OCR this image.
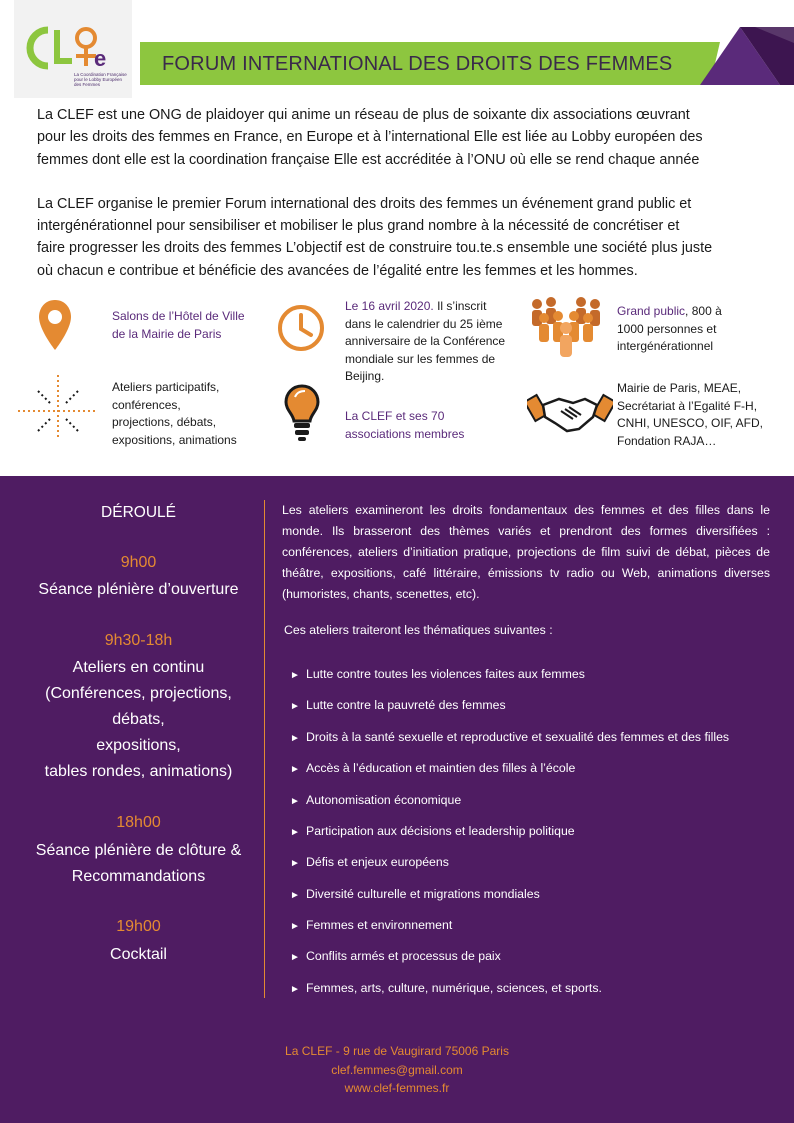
e
La Coordination Française pour le Lobby Européen des Femmes
FORUM INTERNATIONAL DES DROITS DES FEMMES

La CLEF est une ONG de plaidoyer qui anime un réseau de plus de soixante dix associations œuvrant
pour les droits des femmes en France, en Europe et à l’international Elle est liée au Lobby européen des
femmes dont elle est la coordination française Elle est accréditée à l’ONU où elle se rend chaque année

La CLEF organise le premier Forum international des droits des femmes un événement grand public et
intergénérationnel pour sensibiliser et mobiliser le plus grand nombre à la nécessité de concrétiser et
faire progresser les droits des femmes L’objectif est de construire tou.te.s ensemble une société plus juste
où chacun e contribue et bénéficie des avancées de l’égalité entre les femmes et les hommes.

Salons de l’Hôtel de Ville
de la Mairie de Paris
Le 16 avril 2020. Il s’inscrit
dans le calendrier du 25 ième
anniversaire de la Conférence
mondiale sur les femmes de
Beijing.
Grand public, 800 à
1000 personnes et
intergénérationnel
Ateliers participatifs,
conférences,
projections, débats,
expositions, animations
La CLEF et ses 70
associations membres
Mairie de Paris, MEAE,
Secrétariat à l’Egalité F-H,
CNHI, UNESCO, OIF, AFD,
Fondation RAJA…
DÉROULÉ
9h00
Séance plénière d’ouverture
9h30-18h
Ateliers en continu
(Conférences, projections,
débats,
expositions,
tables rondes, animations)
18h00
Séance plénière de clôture &
Recommandations
19h00
Cocktail
Les ateliers examineront les droits fondamentaux des femmes et des filles dans le monde. Ils brasseront des thèmes variés et prendront des formes diversifiées : conférences, ateliers d’initiation pratique, projections de film suivi de débat, pièces de théâtre, expositions, café littéraire, émissions tv radio ou Web, animations diverses (humoristes, chants, scenettes, etc).
Ces ateliers traiteront les thématiques suivantes :
► Lutte contre toutes les violences faites aux femmes
► Lutte contre la pauvreté des femmes
► Droits à la santé sexuelle et reproductive et sexualité des femmes et des filles
► Accès à l’éducation et maintien des filles à l’école
► Autonomisation économique
► Participation aux décisions et leadership politique
► Défis et enjeux européens
► Diversité culturelle et migrations mondiales
► Femmes et environnement
► Conflits armés et processus de paix
► Femmes, arts, culture, numérique, sciences, et sports.
La CLEF - 9 rue de Vaugirard 75006 Paris
clef.femmes@gmail.com
www.clef-femmes.fr
